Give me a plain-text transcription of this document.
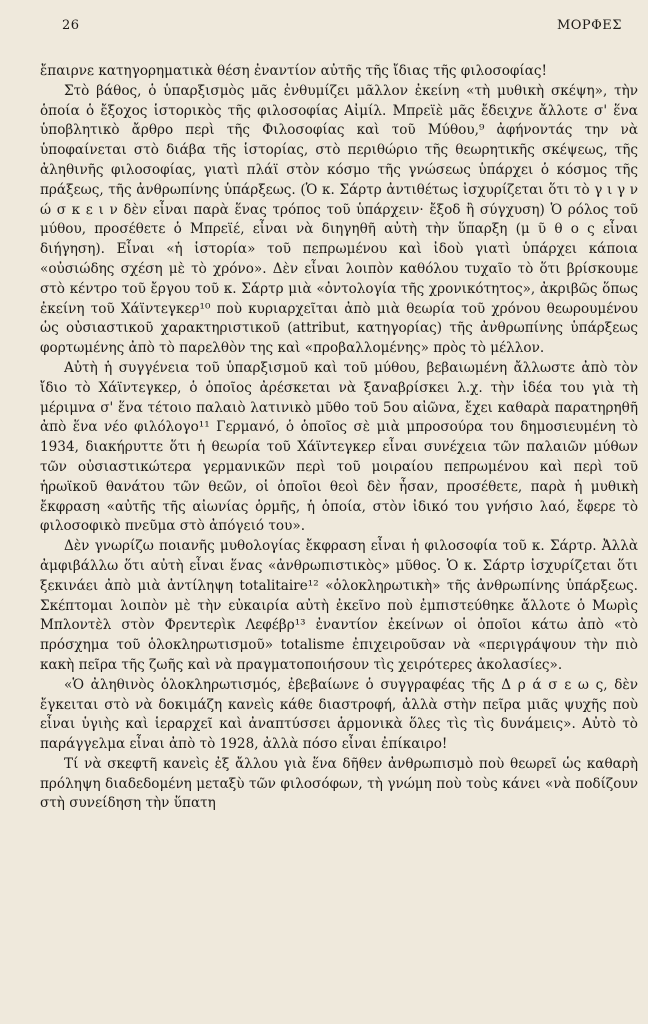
26	ΜΟΡΦΕΣ

ἔπαιρνε κατηγορηματικὰ θέση ἐναντίον αὐτῆς τῆς ἴδιας τῆς φιλοσοφίας!

Στὸ βάθος, ὁ ὑπαρξισμὸς μᾶς ἐνθυμίζει μᾶλλον ἐκείνη «τὴ μυθικὴ σκέψη», τὴν ὁποία ὁ ἔξοχος ἱστορικὸς τῆς φιλοσοφίας Αἰμίλ. Μπρεϊὲ μᾶς ἔδειχνε ἄλλοτε σ' ἕνα ὑποβλητικὸ ἄρθρο περὶ τῆς Φιλοσοφίας καὶ τοῦ Μύθου,⁹ ἀφήνοντάς την νὰ ὑποφαίνεται στὸ διάβα τῆς ἱστορίας, στὸ περιθώριο τῆς θεωρητικῆς σκέψεως, τῆς ἀληθινῆς φιλοσοφίας, γιατὶ πλάϊ στὸν κόσμο τῆς γνώσεως ὑπάρχει ὁ κόσμος τῆς πράξεως, τῆς ἀνθρωπίνης ὑπάρξεως. (Ὁ κ. Σάρτρ ἀντιθέτως ἰσχυρίζεται ὅτι τὸ γ ι γ ν ώ σ κ ε ι ν δὲν εἶναι παρὰ ἕνας τρόπος τοῦ ὑπάρχειν· ἔξοδ ἢ σύγχυση) Ὁ ρόλος τοῦ μύθου, προσέθετε ὁ Μπρεϊέ, εἶναι νὰ διηγηθῆ αὐτὴ τὴν ὕπαρξη (μ ῦ θ ο ς εἶναι διήγηση). Εἶναι «ἡ ἱστορία» τοῦ πεπρωμένου καὶ ἰδοὺ γιατὶ ὑπάρχει κάποια «οὐσιώδης σχέση μὲ τὸ χρόνο». Δὲν εἶναι λοιπὸν καθόλου τυχαῖο τὸ ὅτι βρίσκουμε στὸ κέντρο τοῦ ἔργου τοῦ κ. Σάρτρ μιὰ «ὀντολογία τῆς χρονικότητος», ἀκριβῶς ὅπως ἐκείνη τοῦ Χάϊντεγκερ¹⁰ ποὺ κυριαρχεῖται ἀπὸ μιὰ θεωρία τοῦ χρόνου θεωρουμένου ὡς οὐσιαστικοῦ χαρακτηριστικοῦ (attribut, κατηγορίας) τῆς ἀνθρωπίνης ὑπάρξεως φορτωμένης ἀπὸ τὸ παρελθὸν της καὶ «προβαλλομένης» πρὸς τὸ μέλλον.

Αὐτὴ ἡ συγγένεια τοῦ ὑπαρξισμοῦ καὶ τοῦ μύθου, βεβαιωμένη ἄλλωστε ἀπὸ τὸν ἴδιο τὸ Χάϊντεγκερ, ὁ ὁποῖος ἀρέσκεται νὰ ξαναβρίσκει λ.χ. τὴν ἰδέα του γιὰ τὴ μέριμνα σ' ἕνα τέτοιο παλαιὸ λατινικὸ μῦθο τοῦ 5ου αἰῶνα, ἔχει καθαρὰ παρατηρηθῆ ἀπὸ ἕνα νέο φιλόλογο¹¹ Γερμανό, ὁ ὁποῖος σὲ μιὰ μπροσούρα του δημοσιευμένη τὸ 1934, διακήρυττε ὅτι ἡ θεωρία τοῦ Χάϊντεγκερ εἶναι συνέχεια τῶν παλαιῶν μύθων τῶν οὐσιαστικώτερα γερμανικῶν περὶ τοῦ μοιραίου πεπρωμένου καὶ περὶ τοῦ ἡρωϊκοῦ θανάτου τῶν θεῶν, οἱ ὁποῖοι θεοὶ δὲν ἦσαν, προσέθετε, παρὰ ἡ μυθικὴ ἔκφραση «αὐτῆς τῆς αἰωνίας ὁρμῆς, ἡ ὁποία, στὸν ἰδικό του γνήσιο λαό, ἔφερε τὸ φιλοσοφικὸ πνεῦμα στὸ ἀπόγειό του».

Δὲν γνωρίζω ποιανῆς μυθολογίας ἔκφραση εἶναι ἡ φιλοσοφία τοῦ κ. Σάρτρ. Ἀλλὰ ἀμφιβάλλω ὅτι αὐτὴ εἶναι ἕνας «ἀνθρωπιστικὸς» μῦθος. Ὁ κ. Σάρτρ ἰσχυρίζεται ὅτι ξεκινάει ἀπὸ μιὰ ἀντίληψη totalitaire¹² «ὁλοκληρωτικὴ» τῆς ἀνθρωπίνης ὑπάρξεως. Σκέπτομαι λοιπὸν μὲ τὴν εὐκαιρία αὐτὴ ἐκεῖνο ποὺ ἐμπιστεύθηκε ἄλλοτε ὁ Μωρὶς Μπλοντὲλ στὸν Φρεντερὶκ Λεφέβρ¹³ ἐναντίον ἐκείνων οἱ ὁποῖοι κάτω ἀπὸ «τὸ πρόσχημα τοῦ ὁλοκληρωτισμοῦ» totalisme ἐπιχειροῦσαν νὰ «περιγράψουν τὴν πιὸ κακὴ πεῖρα τῆς ζωῆς καὶ νὰ πραγματοποιήσουν τὶς χειρότερες ἀκολασίες».

«Ὁ ἀληθινὸς ὁλοκληρωτισμός, ἐβεβαίωνε ὁ συγγραφέας τῆς Δ ρ ά σ ε ω ς, δὲν ἔγκειται στὸ νὰ δοκιμάζη κανεὶς κάθε διαστροφή, ἀλλὰ στὴν πεῖρα μιᾶς ψυχῆς ποὺ εἶναι ὑγιὴς καὶ ἱεραρχεῖ καὶ ἀναπτύσσει ἁρμονικὰ ὅλες τὶς τὶς δυνάμεις». Αὐτὸ τὸ παράγγελμα εἶναι ἀπὸ τὸ 1928, ἀλλὰ πόσο εἶναι ἐπίκαιρο!

Τί νὰ σκεφτῆ κανεὶς ἐξ ἄλλου γιὰ ἕνα δῆθεν ἀνθρωπισμὸ ποὺ θεωρεῖ ὡς καθαρὴ πρόληψη διαδεδομένη μεταξὺ τῶν φιλοσόφων, τὴ γνώμη ποὺ τοὺς κάνει «νὰ ποδίζουν στὴ συνείδηση τὴν ὕπατη
